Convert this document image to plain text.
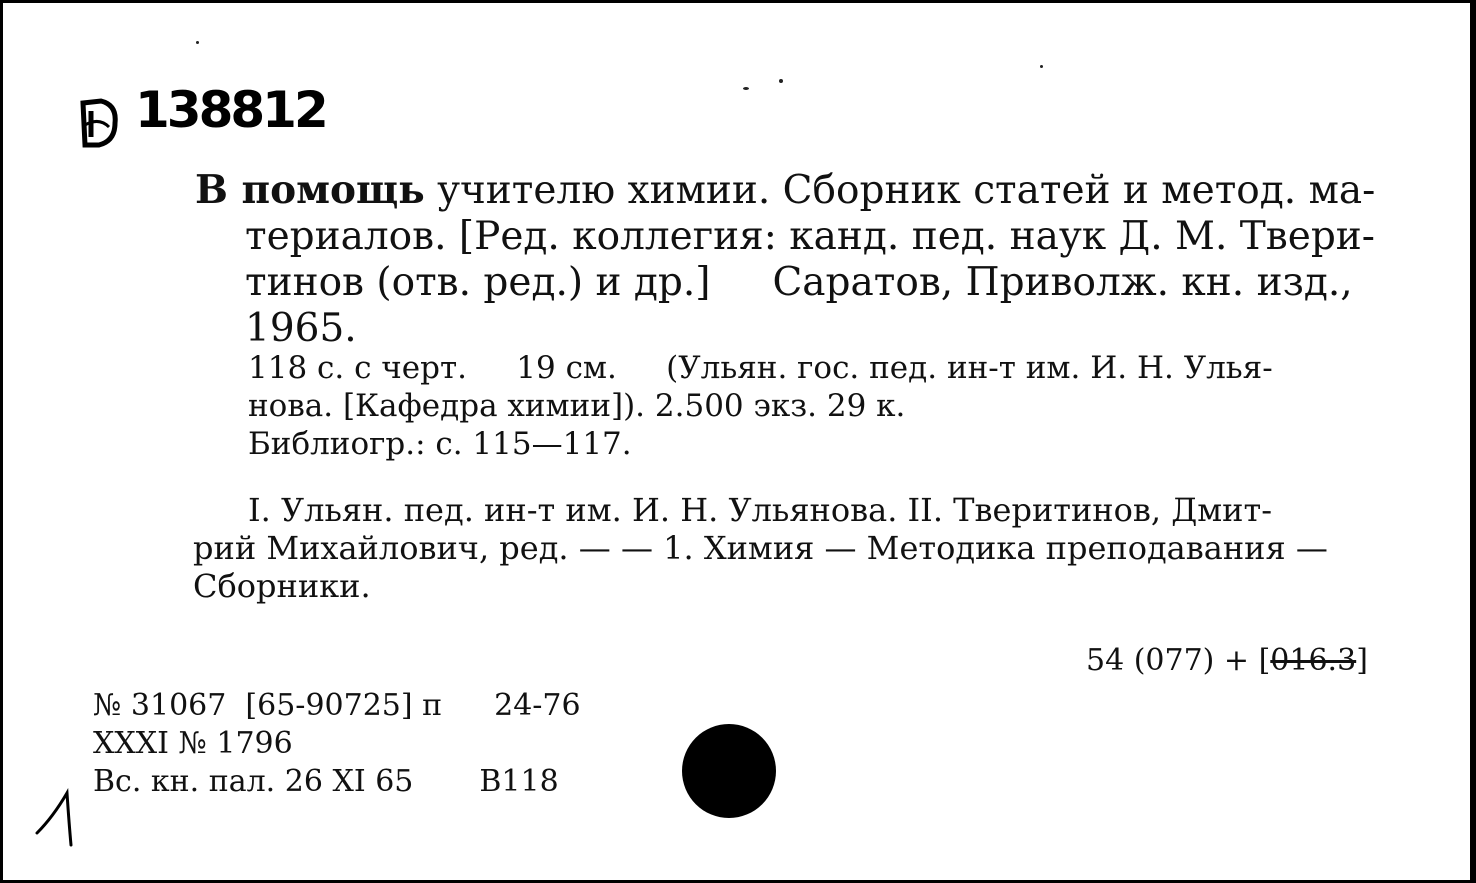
138812
В помощь учителю химии. Сборник статей и метод. ма-
териалов. [Ред. коллегия: канд. пед. наук Д. М. Твери-
тинов (отв. ред.) и др.]     Саратов, Приволж. кн. изд.,
1965.
118 с. с черт.     19 см.     (Ульян. гос. пед. ин-т им. И. Н. Улья-
нова. [Кафедра химии]). 2.500 экз. 29 к.
Библиогр.: с. 115—117.
I. Ульян. пед. ин-т им. И. Н. Ульянова. II. Тверитинов, Дмит-
рий Михайлович, ред. — — 1. Химия — Методика преподавания —
Сборники.
54 (077) + [016.3]
№ 31067  [65-90725] п 24-76
XXXI № 1796
Вс. кн. пал. 26 XI 65 В118
